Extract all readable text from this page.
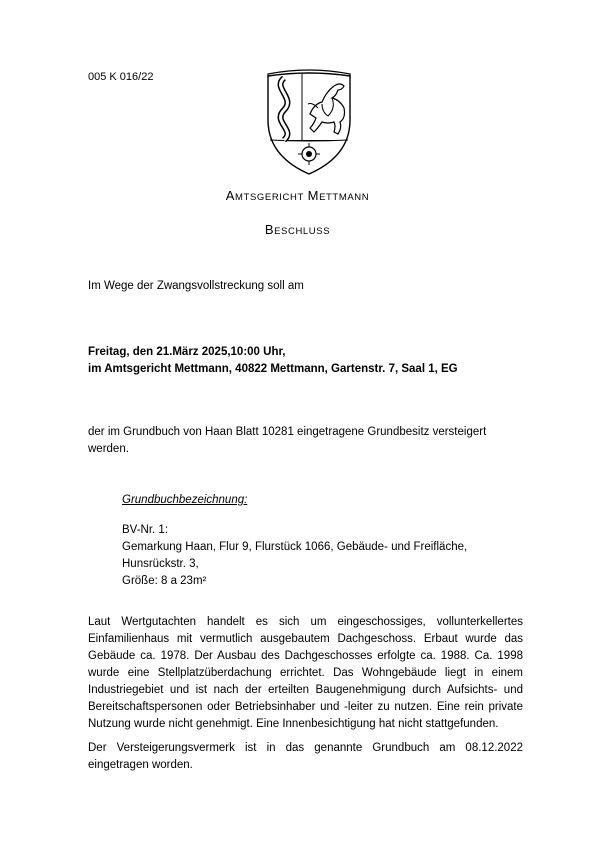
005 K 016/22
AMTSGERICHT METTMANN
BESCHLUSS
Im Wege der Zwangsvollstreckung soll am
Freitag, den 21.März 2025,10:00 Uhr,
im Amtsgericht Mettmann, 40822 Mettmann, Gartenstr. 7, Saal 1, EG
der im Grundbuch von Haan Blatt 10281 eingetragene Grundbesitz versteigert werden.
Grundbuchbezeichnung:
BV-Nr. 1:
Gemarkung Haan, Flur 9, Flurstück 1066, Gebäude- und Freifläche,
Hunsrückstr. 3,
Größe: 8 a 23m²
Laut Wertgutachten handelt es sich um eingeschossiges, vollunterkellertes
Einfamilienhaus mit vermutlich ausgebautem Dachgeschoss. Erbaut wurde das
Gebäude ca. 1978. Der Ausbau des Dachgeschosses erfolgte ca. 1988. Ca. 1998
wurde eine Stellplatzüberdachung errichtet. Das Wohngebäude liegt in einem
Industriegebiet und ist nach der erteilten Baugenehmigung durch Aufsichts- und
Bereitschaftspersonen oder Betriebsinhaber und -leiter zu nutzen. Eine rein private
Nutzung wurde nicht genehmigt. Eine Innenbesichtigung hat nicht stattgefunden.
Der Versteigerungsvermerk ist in das genannte Grundbuch am 08.12.2022
eingetragen worden.
